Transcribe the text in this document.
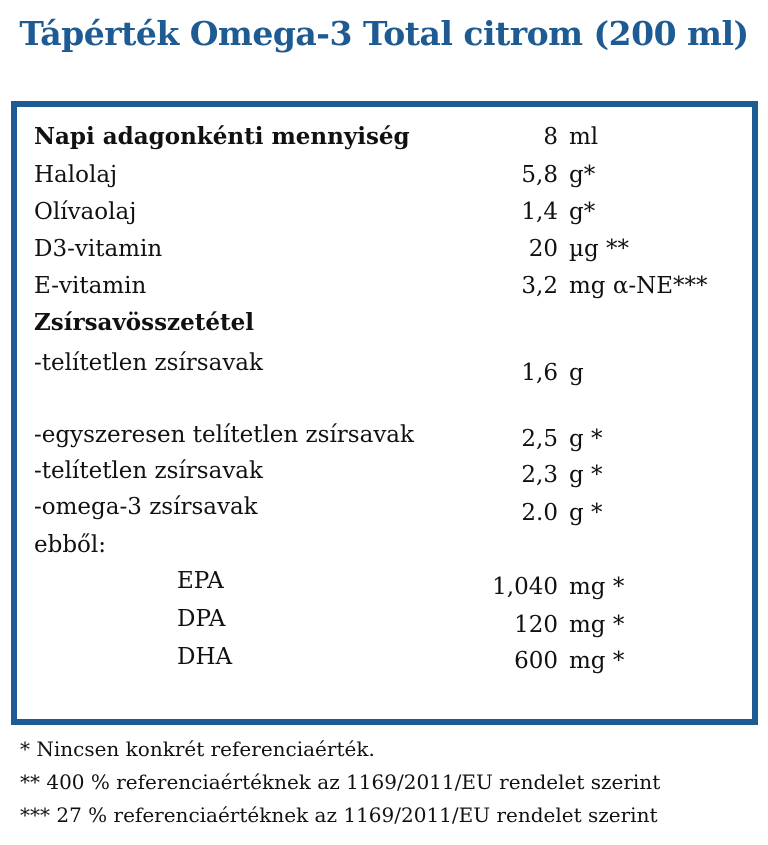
Tápérték Omega-3 Total citrom (200 ml)
Napi adagonkénti mennyiség	8 ml
Halolaj	5,8 g*
Olívaolaj	1,4 g*
D3-vitamin	20 µg **
E-vitamin	3,2 mg α-NE***
Zsírsavösszetétel
-telítetlen zsírsavak	1,6 g
-egyszeresen telítetlen zsírsavak	2,5 g *
-telítetlen zsírsavak	2,3 g *
-omega-3 zsírsavak	2.0 g *
ebből:
EPA	1,040 mg *
DPA	120 mg *
DHA	600 mg *
* Nincsen konkrét referenciaérték.
** 400 % referenciaértéknek az 1169/2011/EU rendelet szerint
*** 27 % referenciaértéknek az 1169/2011/EU rendelet szerint
